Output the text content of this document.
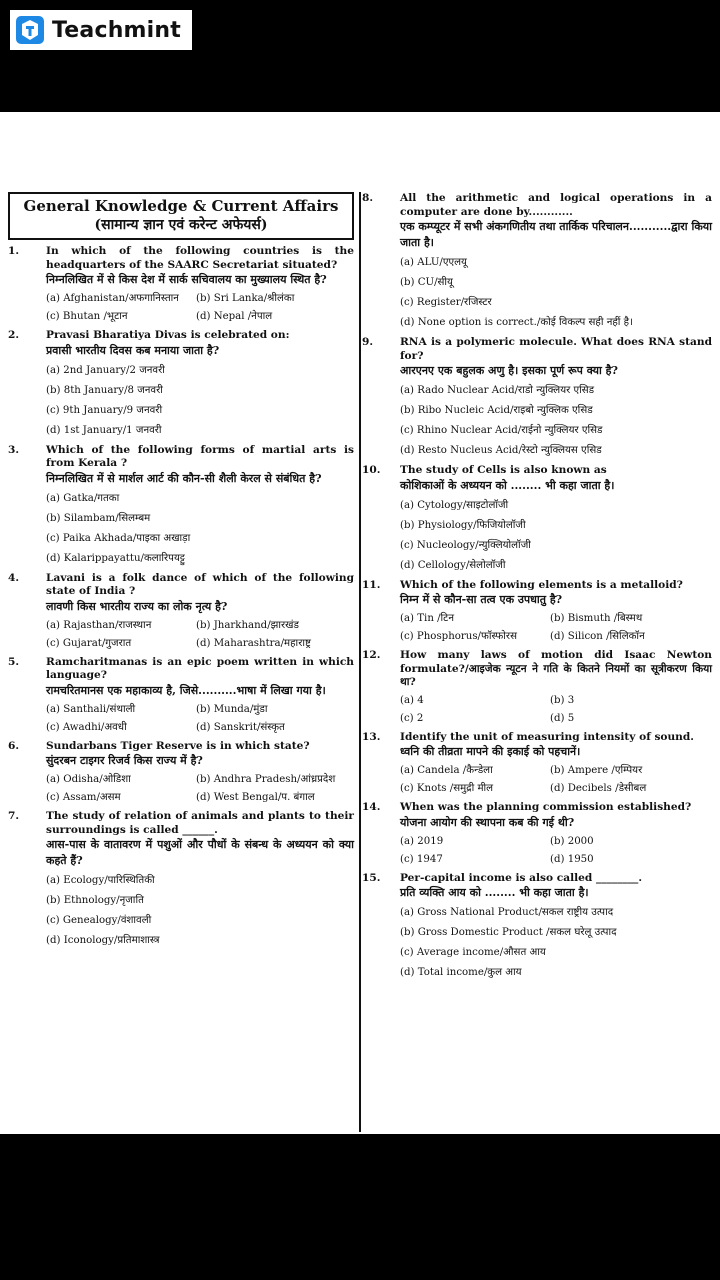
Teachmint
General Knowledge & Current Affairs
(सामान्य ज्ञान एवं करेन्ट अफेयर्स)
1.	In which of the following countries is the headquarters of the SAARC Secretariat situated?
निम्नलिखित में से किस देश में सार्क सचिवालय का मुख्यालय स्थित है?
(a) Afghanistan/अफगानिस्तान	(b) Sri Lanka/श्रीलंका
(c) Bhutan /भूटान	(d) Nepal /नेपाल
2.	Pravasi Bharatiya Divas is celebrated on:
प्रवासी भारतीय दिवस कब मनाया जाता है?
(a) 2nd January/2 जनवरी
(b) 8th January/8 जनवरी
(c) 9th January/9 जनवरी
(d) 1st January/1 जनवरी
3.	Which of the following forms of martial arts is from Kerala ?
निम्नलिखित में से मार्शल आर्ट की कौन-सी शैली केरल से संबंधित है?
(a) Gatka/गतका
(b) Silambam/सिलम्बम
(c) Paika Akhada/पाइका अखाड़ा
(d) Kalarippayattu/कलारिपयट्टु
4.	Lavani is a folk dance of which of the following state of India ?
लावणी किस भारतीय राज्य का लोक नृत्य है?
(a) Rajasthan/राजस्थान	(b) Jharkhand/झारखंड
(c) Gujarat/गुजरात	(d) Maharashtra/महाराष्ट्र
5.	Ramcharitmanas is an epic poem written in which language?
रामचरितमानस एक महाकाव्य है, जिसे..........भाषा में लिखा गया है।
(a) Santhali/संथाली	(b) Munda/मुंडा
(c) Awadhi/अवधी	(d) Sanskrit/संस्कृत
6.	Sundarbans Tiger Reserve is in which state?
सुंदरबन टाइगर रिजर्व किस राज्य में है?
(a) Odisha/ओडिशा	(b) Andhra Pradesh/आंध्रप्रदेश
(c) Assam/असम	(d) West Bengal/प. बंगाल
7.	The study of relation of animals and plants to their surroundings is called ______.
आस-पास के वातावरण में पशुओं और पौधों के संबन्ध के अध्ययन को क्या कहते हैं?
(a) Ecology/पारिस्थितिकी
(b) Ethnology/नृजाति
(c) Genealogy/वंशावली
(d) Iconology/प्रतिमाशास्त्र
8.	All the arithmetic and logical operations in a computer are done by............
एक कम्प्यूटर में सभी अंकगणितीय तथा तार्किक परिचालन...........द्वारा किया जाता है।
(a) ALU/एएलयू
(b) CU/सीयू
(c) Register/रजिस्टर
(d) None option is correct./कोई विकल्प सही नहीं है।
9.	RNA is a polymeric molecule. What does RNA stand for?
आरएनए एक बहुलक अणु है। इसका पूर्ण रूप क्या है?
(a) Rado Nuclear Acid/राडो न्युक्लियर एसिड
(b) Ribo Nucleic Acid/राइबो न्युक्लिक एसिड
(c) Rhino Nuclear Acid/राईनो न्युक्लियर एसिड
(d) Resto Nucleus Acid/रेस्टो न्युक्लियस एसिड
10.	The study of Cells is also known as
कोशिकाओं के अध्ययन को ........ भी कहा जाता है।
(a) Cytology/साइटोलॉजी
(b) Physiology/फिजियोलॉजी
(c) Nucleology/न्युक्लियोलॉजी
(d) Cellology/सेलोलॉजी
11.	Which of the following elements is a metalloid?
निम्न में से कौन-सा तत्व एक उपधातु है?
(a) Tin /टिन	(b) Bismuth /बिस्मथ
(c) Phosphorus/फॉस्फोरस	(d) Silicon /सिलिकॉन
12.	How many laws of motion did Isaac Newton formulate?/आइजेक न्यूटन ने गति के कितने नियमों का सूत्रीकरण किया था?
(a) 4	(b) 3
(c) 2	(d) 5
13.	Identify the unit of measuring intensity of sound.
ध्वनि की तीव्रता मापने की इकाई को पहचानें।
(a) Candela /कैन्डेला	(b) Ampere /एम्पियर
(c) Knots /समुद्री मील	(d) Decibels /डेसीबल
14.	When was the planning commission established?
योजना आयोग की स्थापना कब की गई थी?
(a) 2019	(b) 2000
(c) 1947	(d) 1950
15.	Per-capital income is also called ________.
प्रति व्यक्ति आय को ........ भी कहा जाता है।
(a) Gross National Product/सकल राष्ट्रीय उत्पाद
(b) Gross Domestic Product /सकल घरेलू उत्पाद
(c) Average income/औसत आय
(d) Total income/कुल आय
